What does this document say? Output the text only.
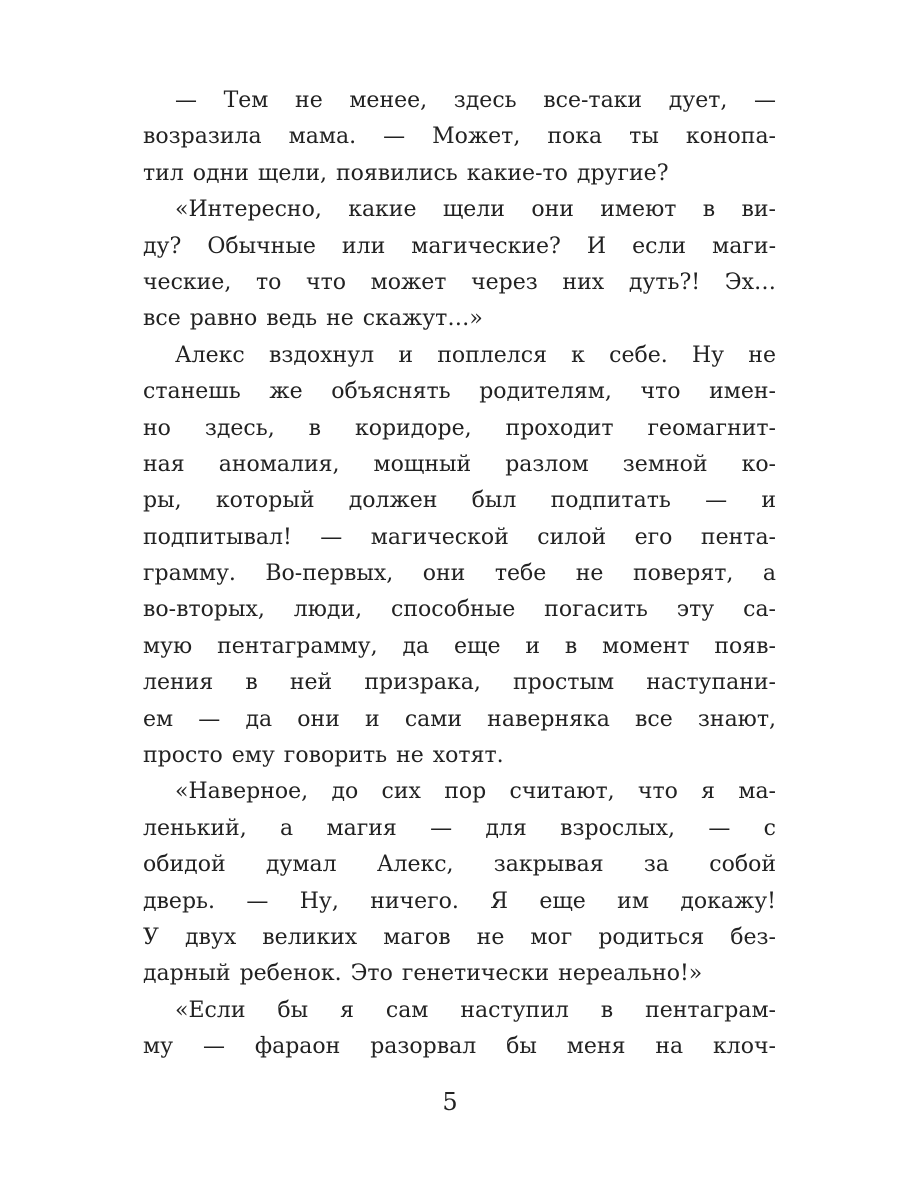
— Тем не менее, здесь все-таки дует, —
возразила мама. — Может, пока ты конопа-
тил одни щели, появились какие-то другие?
«Интересно, какие щели они имеют в ви-
ду? Обычные или магические? И если маги-
ческие, то что может через них дуть?! Эх…
все равно ведь не скажут…»
Алекс вздохнул и поплелся к себе. Ну не
станешь же объяснять родителям, что имен-
но здесь, в коридоре, проходит геомагнит-
ная аномалия, мощный разлом земной ко-
ры, который должен был подпитать — и
подпитывал! — магической силой его пента-
грамму. Во-первых, они тебе не поверят, а
во-вторых, люди, способные погасить эту са-
мую пентаграмму, да еще и в момент появ-
ления в ней призрака, простым наступани-
ем — да они и сами наверняка все знают,
просто ему говорить не хотят.
«Наверное, до сих пор считают, что я ма-
ленький, а магия — для взрослых, — с
обидой думал Алекс, закрывая за собой
дверь. — Ну, ничего. Я еще им докажу!
У двух великих магов не мог родиться без-
дарный ребенок. Это генетически нереально!»
«Если бы я сам наступил в пентаграм-
му — фараон разорвал бы меня на клоч-
5
